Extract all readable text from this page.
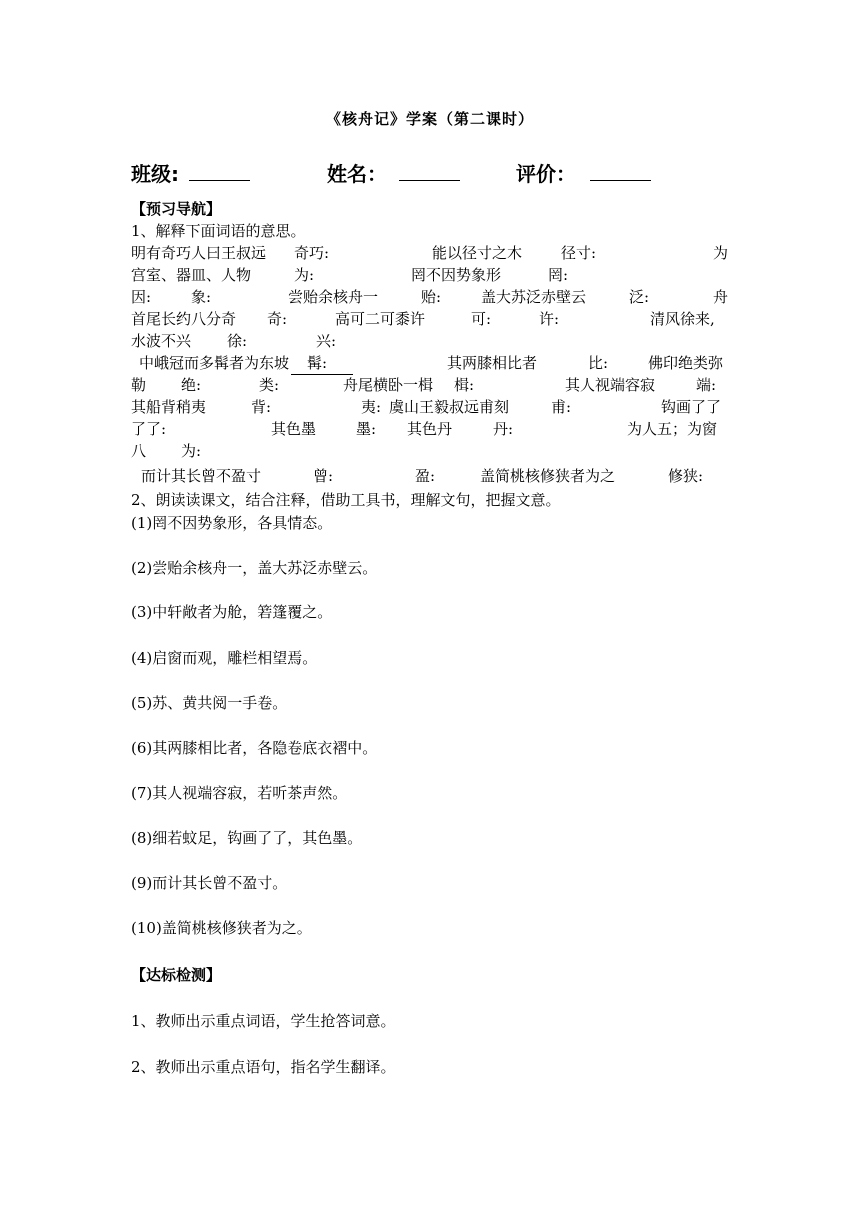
《核舟记》学案（第二课时）
班级:	姓名：	评价：
【预习导航】
1、解释下面词语的意思。
明有奇巧人曰王叔远 奇巧:	能以径寸之木	径寸:	为
宫室、器皿、人物	为:	罔不因势象形	罔:
因:	象:	尝贻余核舟一	贻:	盖大苏泛赤壁云	泛:	舟
首尾长约八分奇 奇:	高可二可黍许	可:	许:	清风徐来,
水波不兴 徐:	兴:
中峨冠而多髯者为东坡	髯:	其两膝相比者	比:	佛印绝类弥
勒 绝:	类:	舟尾横卧一楫 楫:	其人视端容寂	端:
其船背稍夷	背:	夷: 虞山王毅叔远甫刻	甫:	钩画了了
了了:	其色墨	墨: 其色丹	丹:	为人五；为窗
八 为:
而计其长曾不盈寸	曾:	盈:	盖简桃核修狭者为之	修狭:
2、朗读读课文，结合注释，借助工具书，理解文句，把握文意。
(1)罔不因势象形，各具情态。
(2)尝贻余核舟一，盖大苏泛赤壁云。
(3)中轩敞者为舱，箬篷覆之。
(4)启窗而观，雕栏相望焉。
(5)苏、黄共阅一手卷。
(6)其两膝相比者，各隐卷底衣褶中。
(7)其人视端容寂，若听茶声然。
(8)细若蚊足，钩画了了，其色墨。
(9)而计其长曾不盈寸。
(10)盖简桃核修狭者为之。
【达标检测】
1、教师出示重点词语，学生抢答词意。
2、教师出示重点语句，指名学生翻译。
